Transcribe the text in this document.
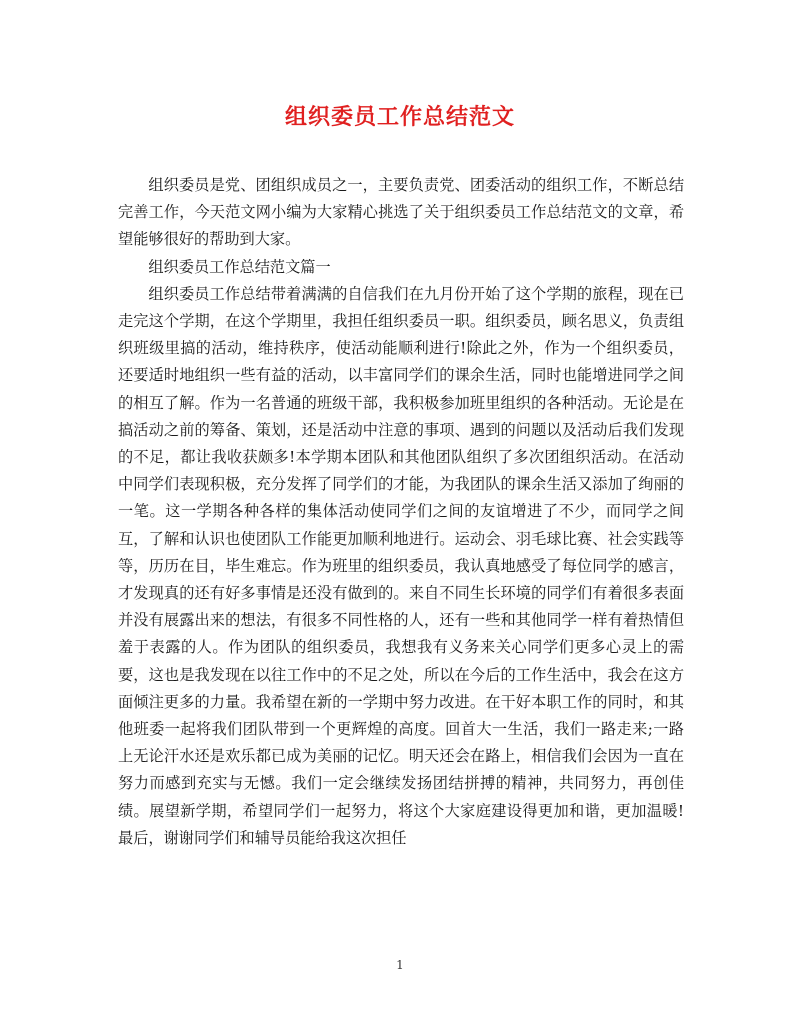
组织委员工作总结范文

组织委员是党、团组织成员之一，主要负责党、团委活动的组织工作，不断总结完善工作，今天范文网小编为大家精心挑选了关于组织委员工作总结范文的文章，希望能够很好的帮助到大家。

组织委员工作总结范文篇一

组织委员工作总结带着满满的自信我们在九月份开始了这个学期的旅程，现在已走完这个学期，在这个学期里，我担任组织委员一职。组织委员，顾名思义，负责组织班级里搞的活动，维持秩序，使活动能顺利进行!除此之外，作为一个组织委员，还要适时地组织一些有益的活动，以丰富同学们的课余生活，同时也能增进同学之间的相互了解。作为一名普通的班级干部，我积极参加班里组织的各种活动。无论是在搞活动之前的筹备、策划，还是活动中注意的事项、遇到的问题以及活动后我们发现的不足，都让我收获颇多!本学期本团队和其他团队组织了多次团组织活动。在活动中同学们表现积极，充分发挥了同学们的才能，为我团队的课余生活又添加了绚丽的一笔。这一学期各种各样的集体活动使同学们之间的友谊增进了不少，而同学之间互，了解和认识也使团队工作能更加顺利地进行。运动会、羽毛球比赛、社会实践等等，历历在目，毕生难忘。作为班里的组织委员，我认真地感受了每位同学的感言，才发现真的还有好多事情是还没有做到的。来自不同生长环境的同学们有着很多表面并没有展露出来的想法，有很多不同性格的人，还有一些和其他同学一样有着热情但羞于表露的人。作为团队的组织委员，我想我有义务来关心同学们更多心灵上的需要，这也是我发现在以往工作中的不足之处，所以在今后的工作生活中，我会在这方面倾注更多的力量。我希望在新的一学期中努力改进。在干好本职工作的同时，和其他班委一起将我们团队带到一个更辉煌的高度。回首大一生活，我们一路走来;一路上无论汗水还是欢乐都已成为美丽的记忆。明天还会在路上，相信我们会因为一直在努力而感到充实与无憾。我们一定会继续发扬团结拼搏的精神，共同努力，再创佳绩。展望新学期，希望同学们一起努力，将这个大家庭建设得更加和谐，更加温暖!最后，谢谢同学们和辅导员能给我这次担任

1
